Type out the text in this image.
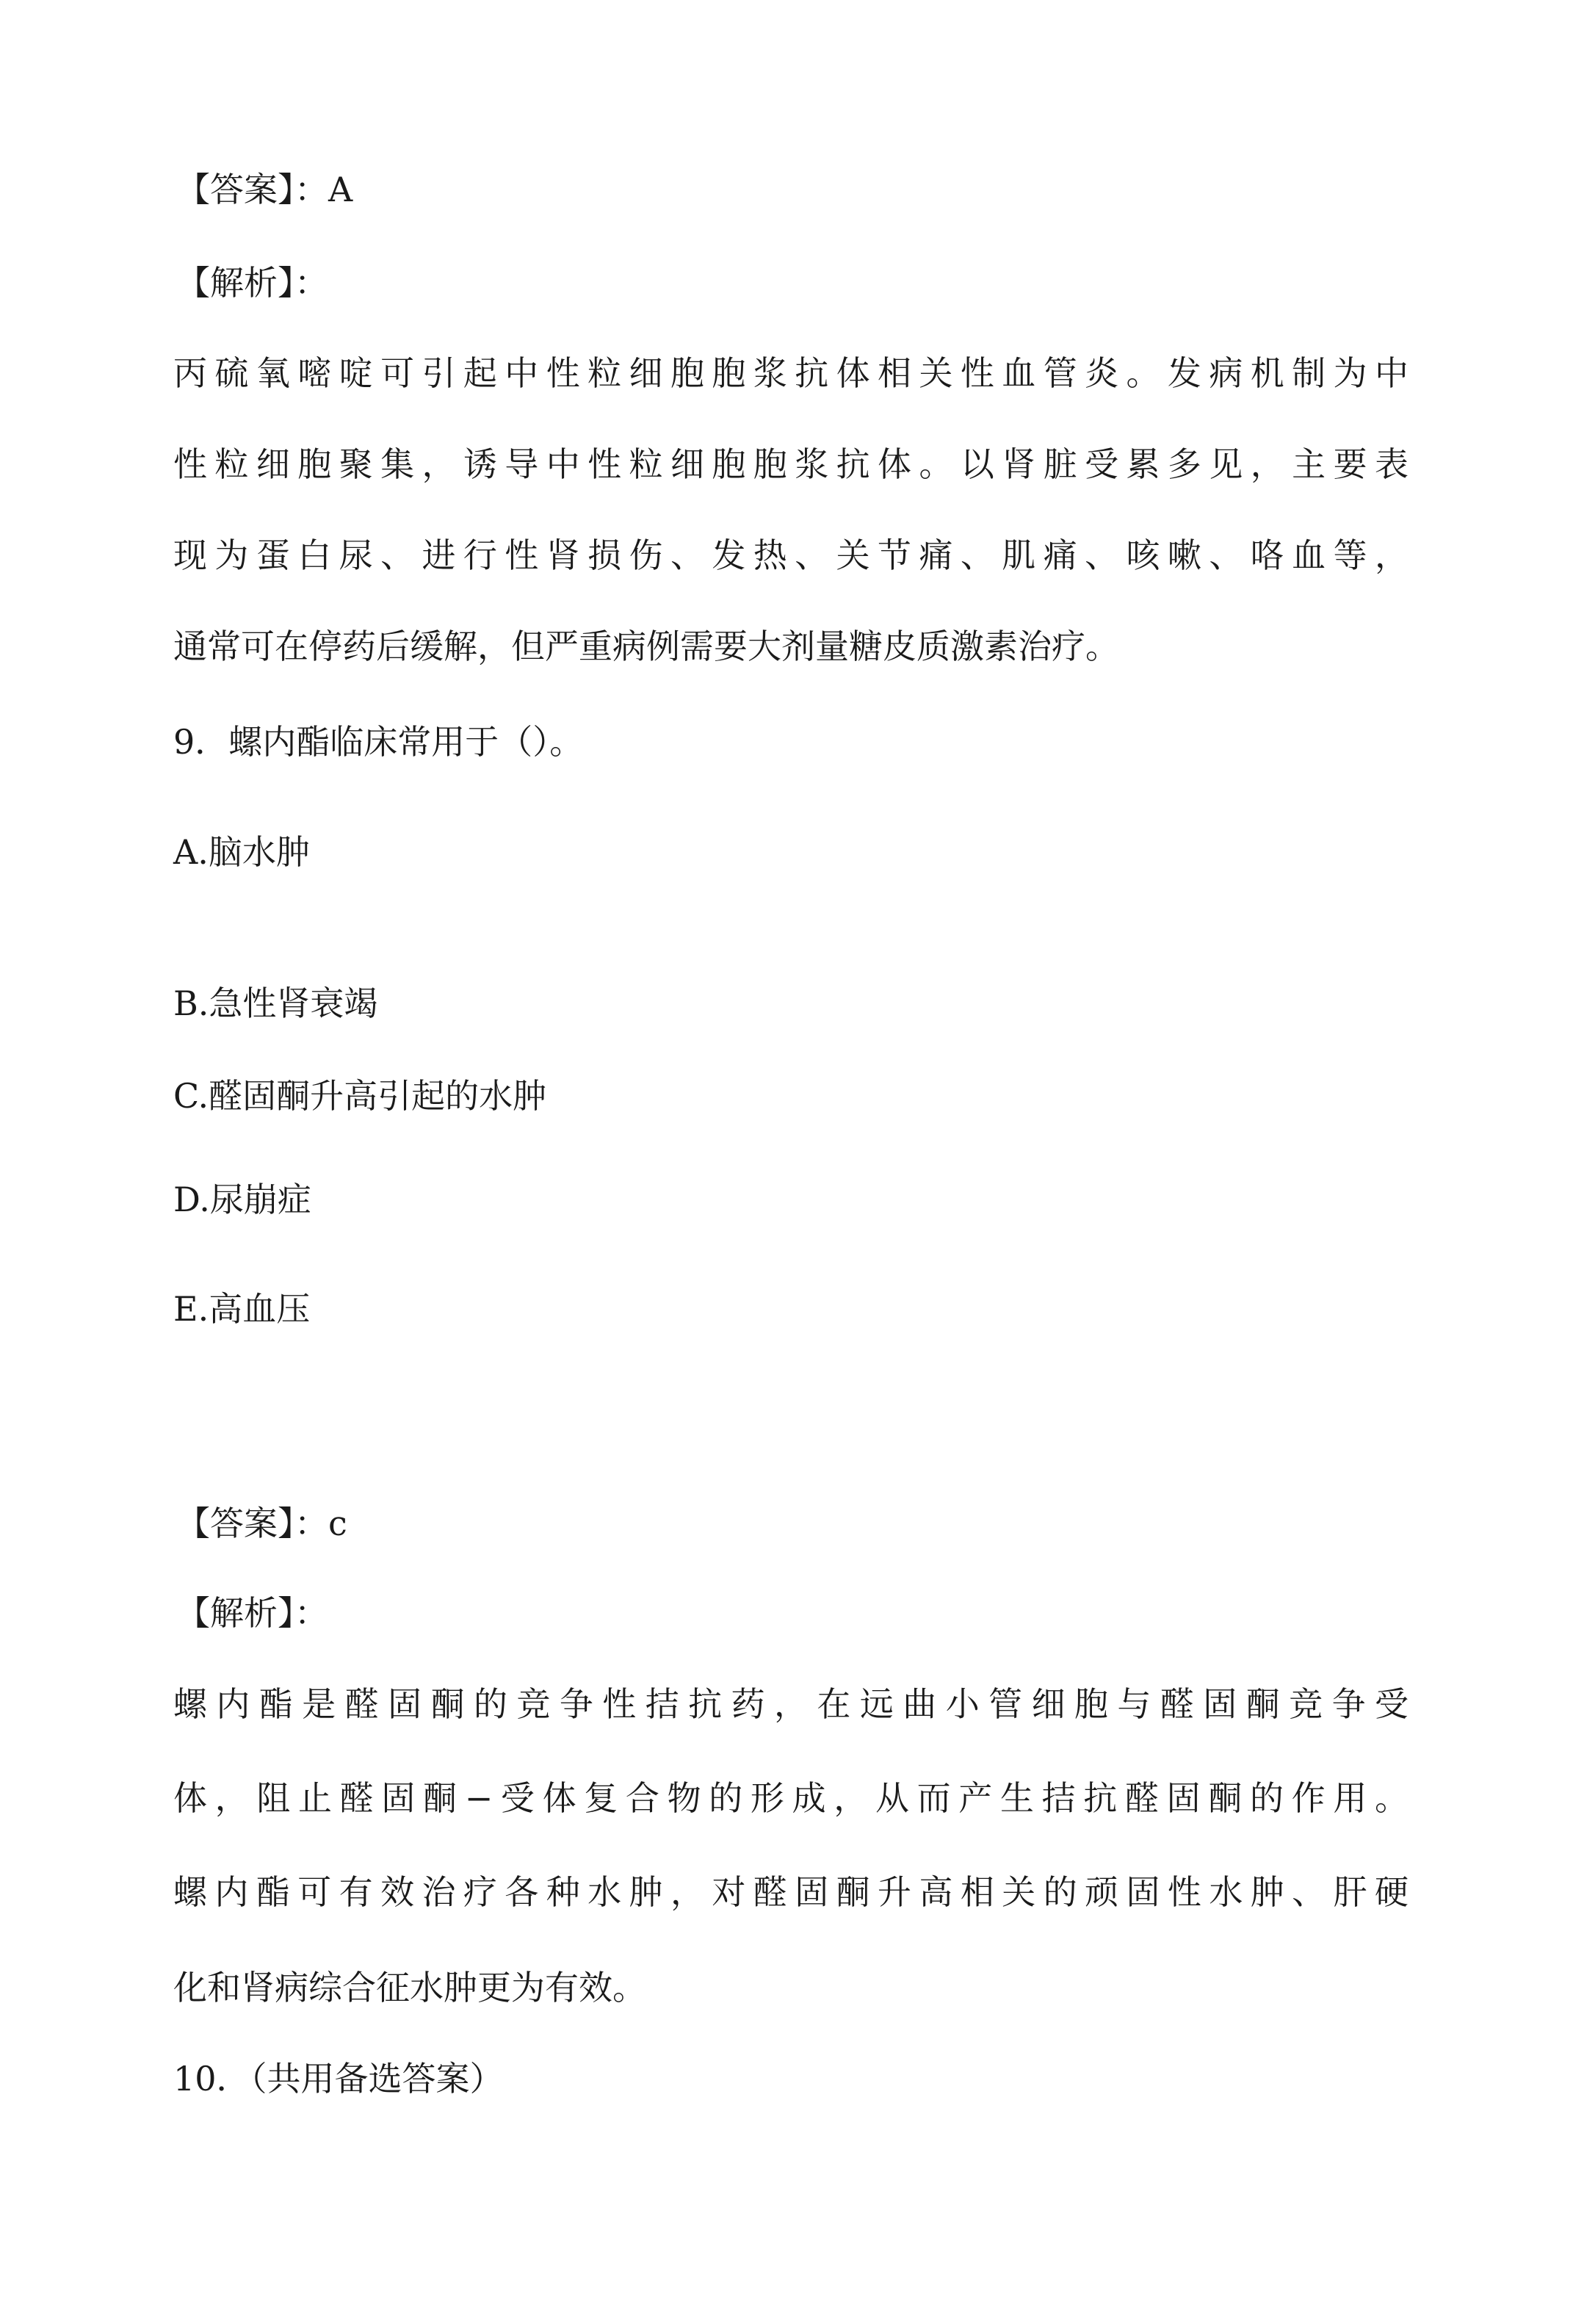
【答案】：A

【解析】：

丙硫氧嘧啶可引起中性粒细胞胞浆抗体相关性血管炎。发病机制为中

性粒细胞聚集，诱导中性粒细胞胞浆抗体。以肾脏受累多见，主要表

现为蛋白尿、进行性肾损伤、发热、关节痛、肌痛、咳嗽、咯血等，

通常可在停药后缓解，但严重病例需要大剂量糖皮质激素治疗。

9．螺内酯临床常用于（）。

A.脑水肿

B.急性肾衰竭

C.醛固酮升高引起的水肿

D.尿崩症

E.高血压

【答案】：c

【解析】：

螺内酯是醛固酮的竞争性拮抗药，在远曲小管细胞与醛固酮竞争受

体，阻止醛固酮−受体复合物的形成，从而产生拮抗醛固酮的作用。

螺内酯可有效治疗各种水肿，对醛固酮升高相关的顽固性水肿、肝硬

化和肾病综合征水肿更为有效。

10．（共用备选答案）
